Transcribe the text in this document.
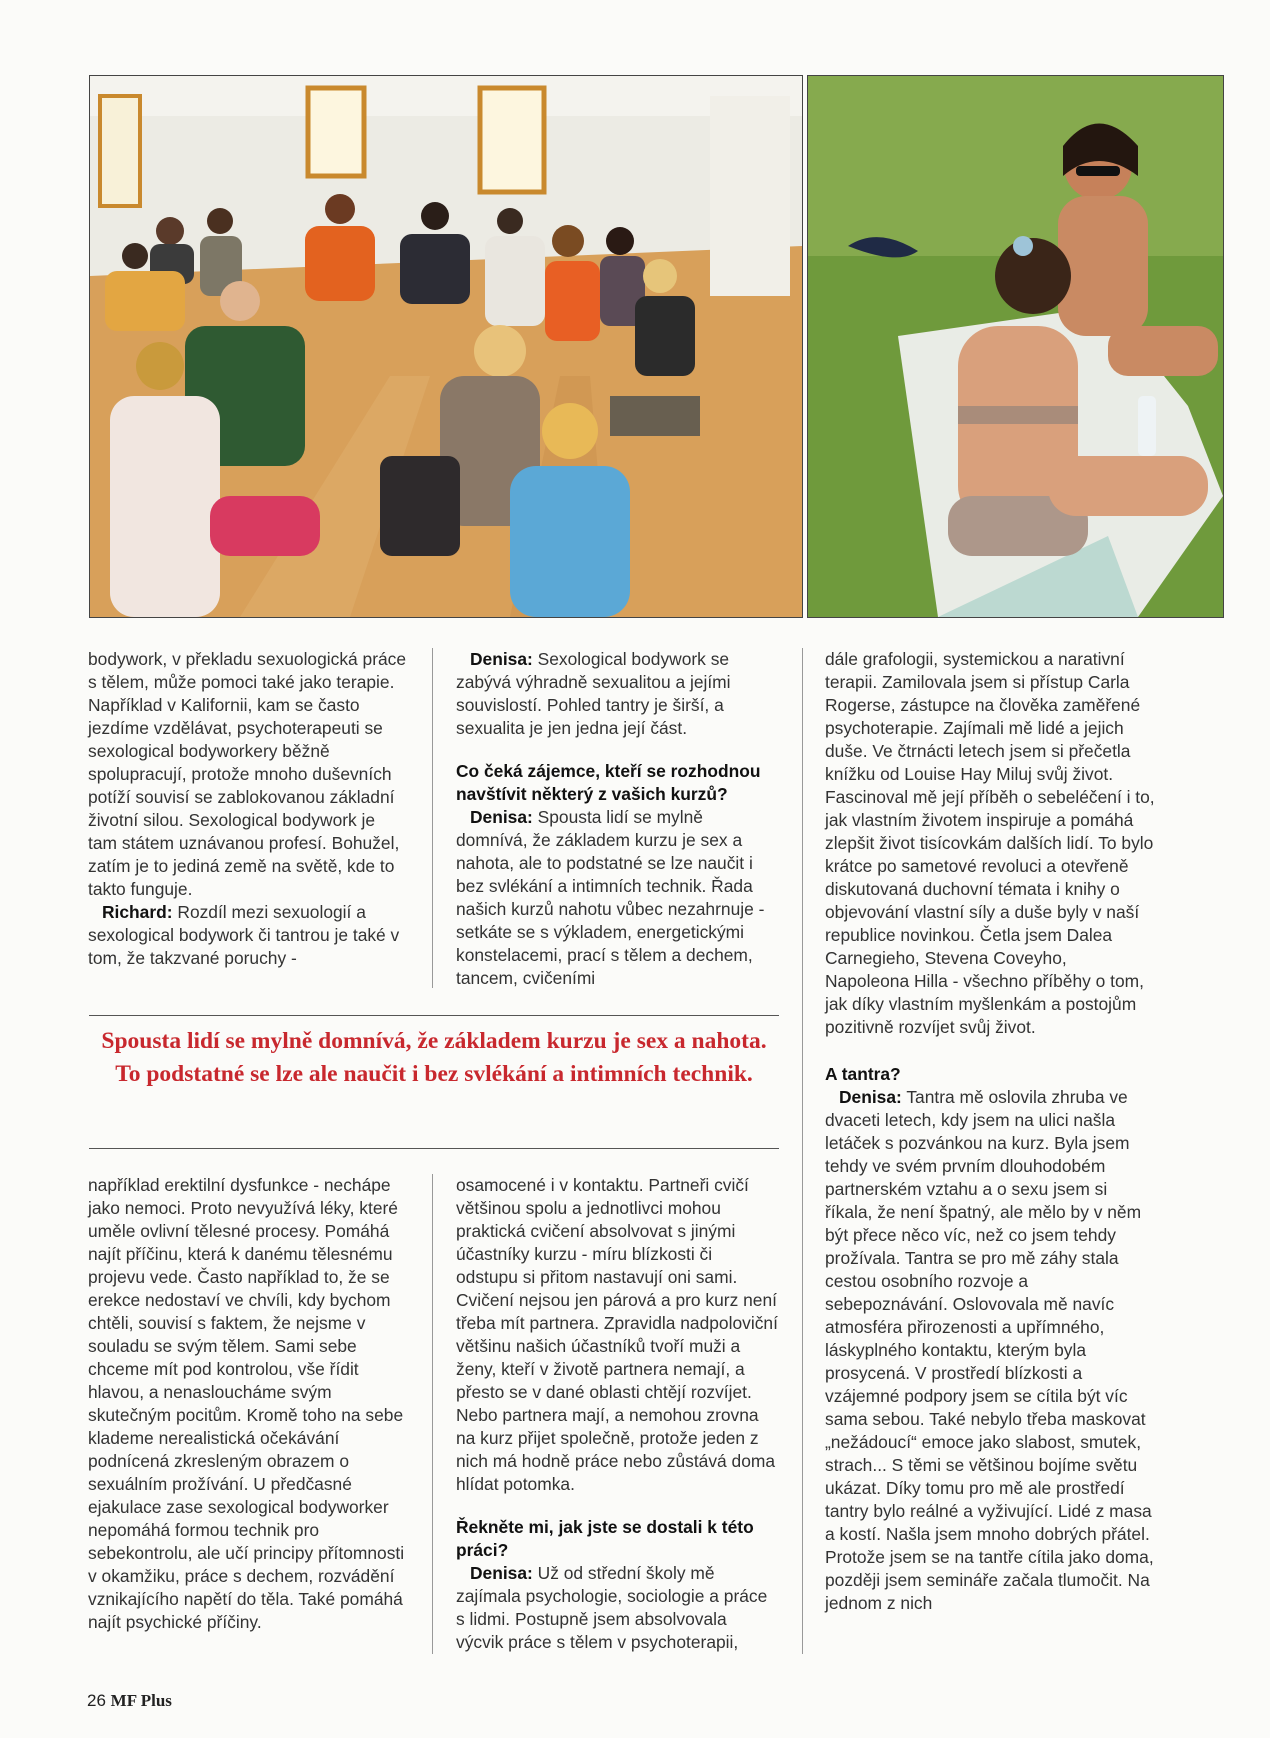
bodywork, v překladu sexuologická práce s tělem, může pomoci také jako terapie. Například v Kalifornii, kam se často jezdíme vzdělávat, psychoterapeuti se sexological bodyworkery běžně spolupracují, protože mnoho duševních potíží souvisí se zablokovanou základní životní silou. Sexological bodywork je tam státem uznávanou profesí. Bohužel, zatím je to jediná země na světě, kde to takto funguje.

Richard: Rozdíl mezi sexuologií a sexological bodywork či tantrou je také v tom, že takzvané poruchy -

Denisa: Sexological bodywork se zabývá výhradně sexualitou a jejími souvislostí. Pohled tantry je širší, a sexualita je jen jedna její část.

Co čeká zájemce, kteří se rozhodnou navštívit některý z vašich kurzů?

Denisa: Spousta lidí se mylně domnívá, že základem kurzu je sex a nahota, ale to podstatné se lze naučit i bez svlékání a intimních technik. Řada našich kurzů nahotu vůbec nezahrnuje - setkáte se s výkladem, energetickými konstelacemi, prací s tělem a dechem, tancem, cvičeními

Spousta lidí se mylně domnívá, že základem kurzu je sex a nahota. To podstatné se lze ale naučit i bez svlékání a intimních technik.

například erektilní dysfunkce - nechápe jako nemoci. Proto nevyužívá léky, které uměle ovlivní tělesné procesy. Pomáhá najít příčinu, která k danému tělesnému projevu vede. Často například to, že se erekce nedostaví ve chvíli, kdy bychom chtěli, souvisí s faktem, že nejsme v souladu se svým tělem. Sami sebe chceme mít pod kontrolou, vše řídit hlavou, a nenasloucháme svým skutečným pocitům. Kromě toho na sebe klademe nerealistická očekávání podnícená zkresleným obrazem o sexuálním prožívání. U předčasné ejakulace zase sexological bodyworker nepomáhá formou technik pro sebekontrolu, ale učí principy přítomnosti v okamžiku, práce s dechem, rozvádění vznikajícího napětí do těla. Také pomáhá najít psychické příčiny.

osamocené i v kontaktu. Partneři cvičí většinou spolu a jednotlivci mohou praktická cvičení absolvovat s jinými účastníky kurzu - míru blízkosti či odstupu si přitom nastavují oni sami. Cvičení nejsou jen párová a pro kurz není třeba mít partnera. Zpravidla nadpoloviční většinu našich účastníků tvoří muži a ženy, kteří v životě partnera nemají, a přesto se v dané oblasti chtějí rozvíjet. Nebo partnera mají, a nemohou zrovna na kurz přijet společně, protože jeden z nich má hodně práce nebo zůstává doma hlídat potomka.

Řekněte mi, jak jste se dostali k této práci?

Denisa: Už od střední školy mě zajímala psychologie, sociologie a práce s lidmi. Postupně jsem absolvovala výcvik práce s tělem v psychoterapii,

dále grafologii, systemickou a narativní terapii. Zamilovala jsem si přístup Carla Rogerse, zástupce na člověka zaměřené psychoterapie. Zajímali mě lidé a jejich duše. Ve čtrnácti letech jsem si přečetla knížku od Louise Hay Miluj svůj život. Fascinoval mě její příběh o sebeléčení i to, jak vlastním životem inspiruje a pomáhá zlepšit život tisícovkám dalších lidí. To bylo krátce po sametové revoluci a otevřeně diskutovaná duchovní témata i knihy o objevování vlastní síly a duše byly v naší republice novinkou. Četla jsem Dalea Carnegieho, Stevena Coveyho, Napoleona Hilla - všechno příběhy o tom, jak díky vlastním myšlenkám a postojům pozitivně rozvíjet svůj život.

A tantra?

Denisa: Tantra mě oslovila zhruba ve dvaceti letech, kdy jsem na ulici našla letáček s pozvánkou na kurz. Byla jsem tehdy ve svém prvním dlouhodobém partnerském vztahu a o sexu jsem si říkala, že není špatný, ale mělo by v něm být přece něco víc, než co jsem tehdy prožívala. Tantra se pro mě záhy stala cestou osobního rozvoje a sebepoznávání. Oslovovala mě navíc atmosféra přirozenosti a upřímného, láskyplného kontaktu, kterým byla prosycená. V prostředí blízkosti a vzájemné podpory jsem se cítila být víc sama sebou. Také nebylo třeba maskovat „nežádoucí“ emoce jako slabost, smutek, strach... S těmi se většinou bojíme světu ukázat. Díky tomu pro mě ale prostředí tantry bylo reálné a vyživující. Lidé z masa a kostí. Našla jsem mnoho dobrých přátel. Protože jsem se na tantře cítila jako doma, později jsem semináře začala tlumočit. Na jednom z nich

26 MF Plus
